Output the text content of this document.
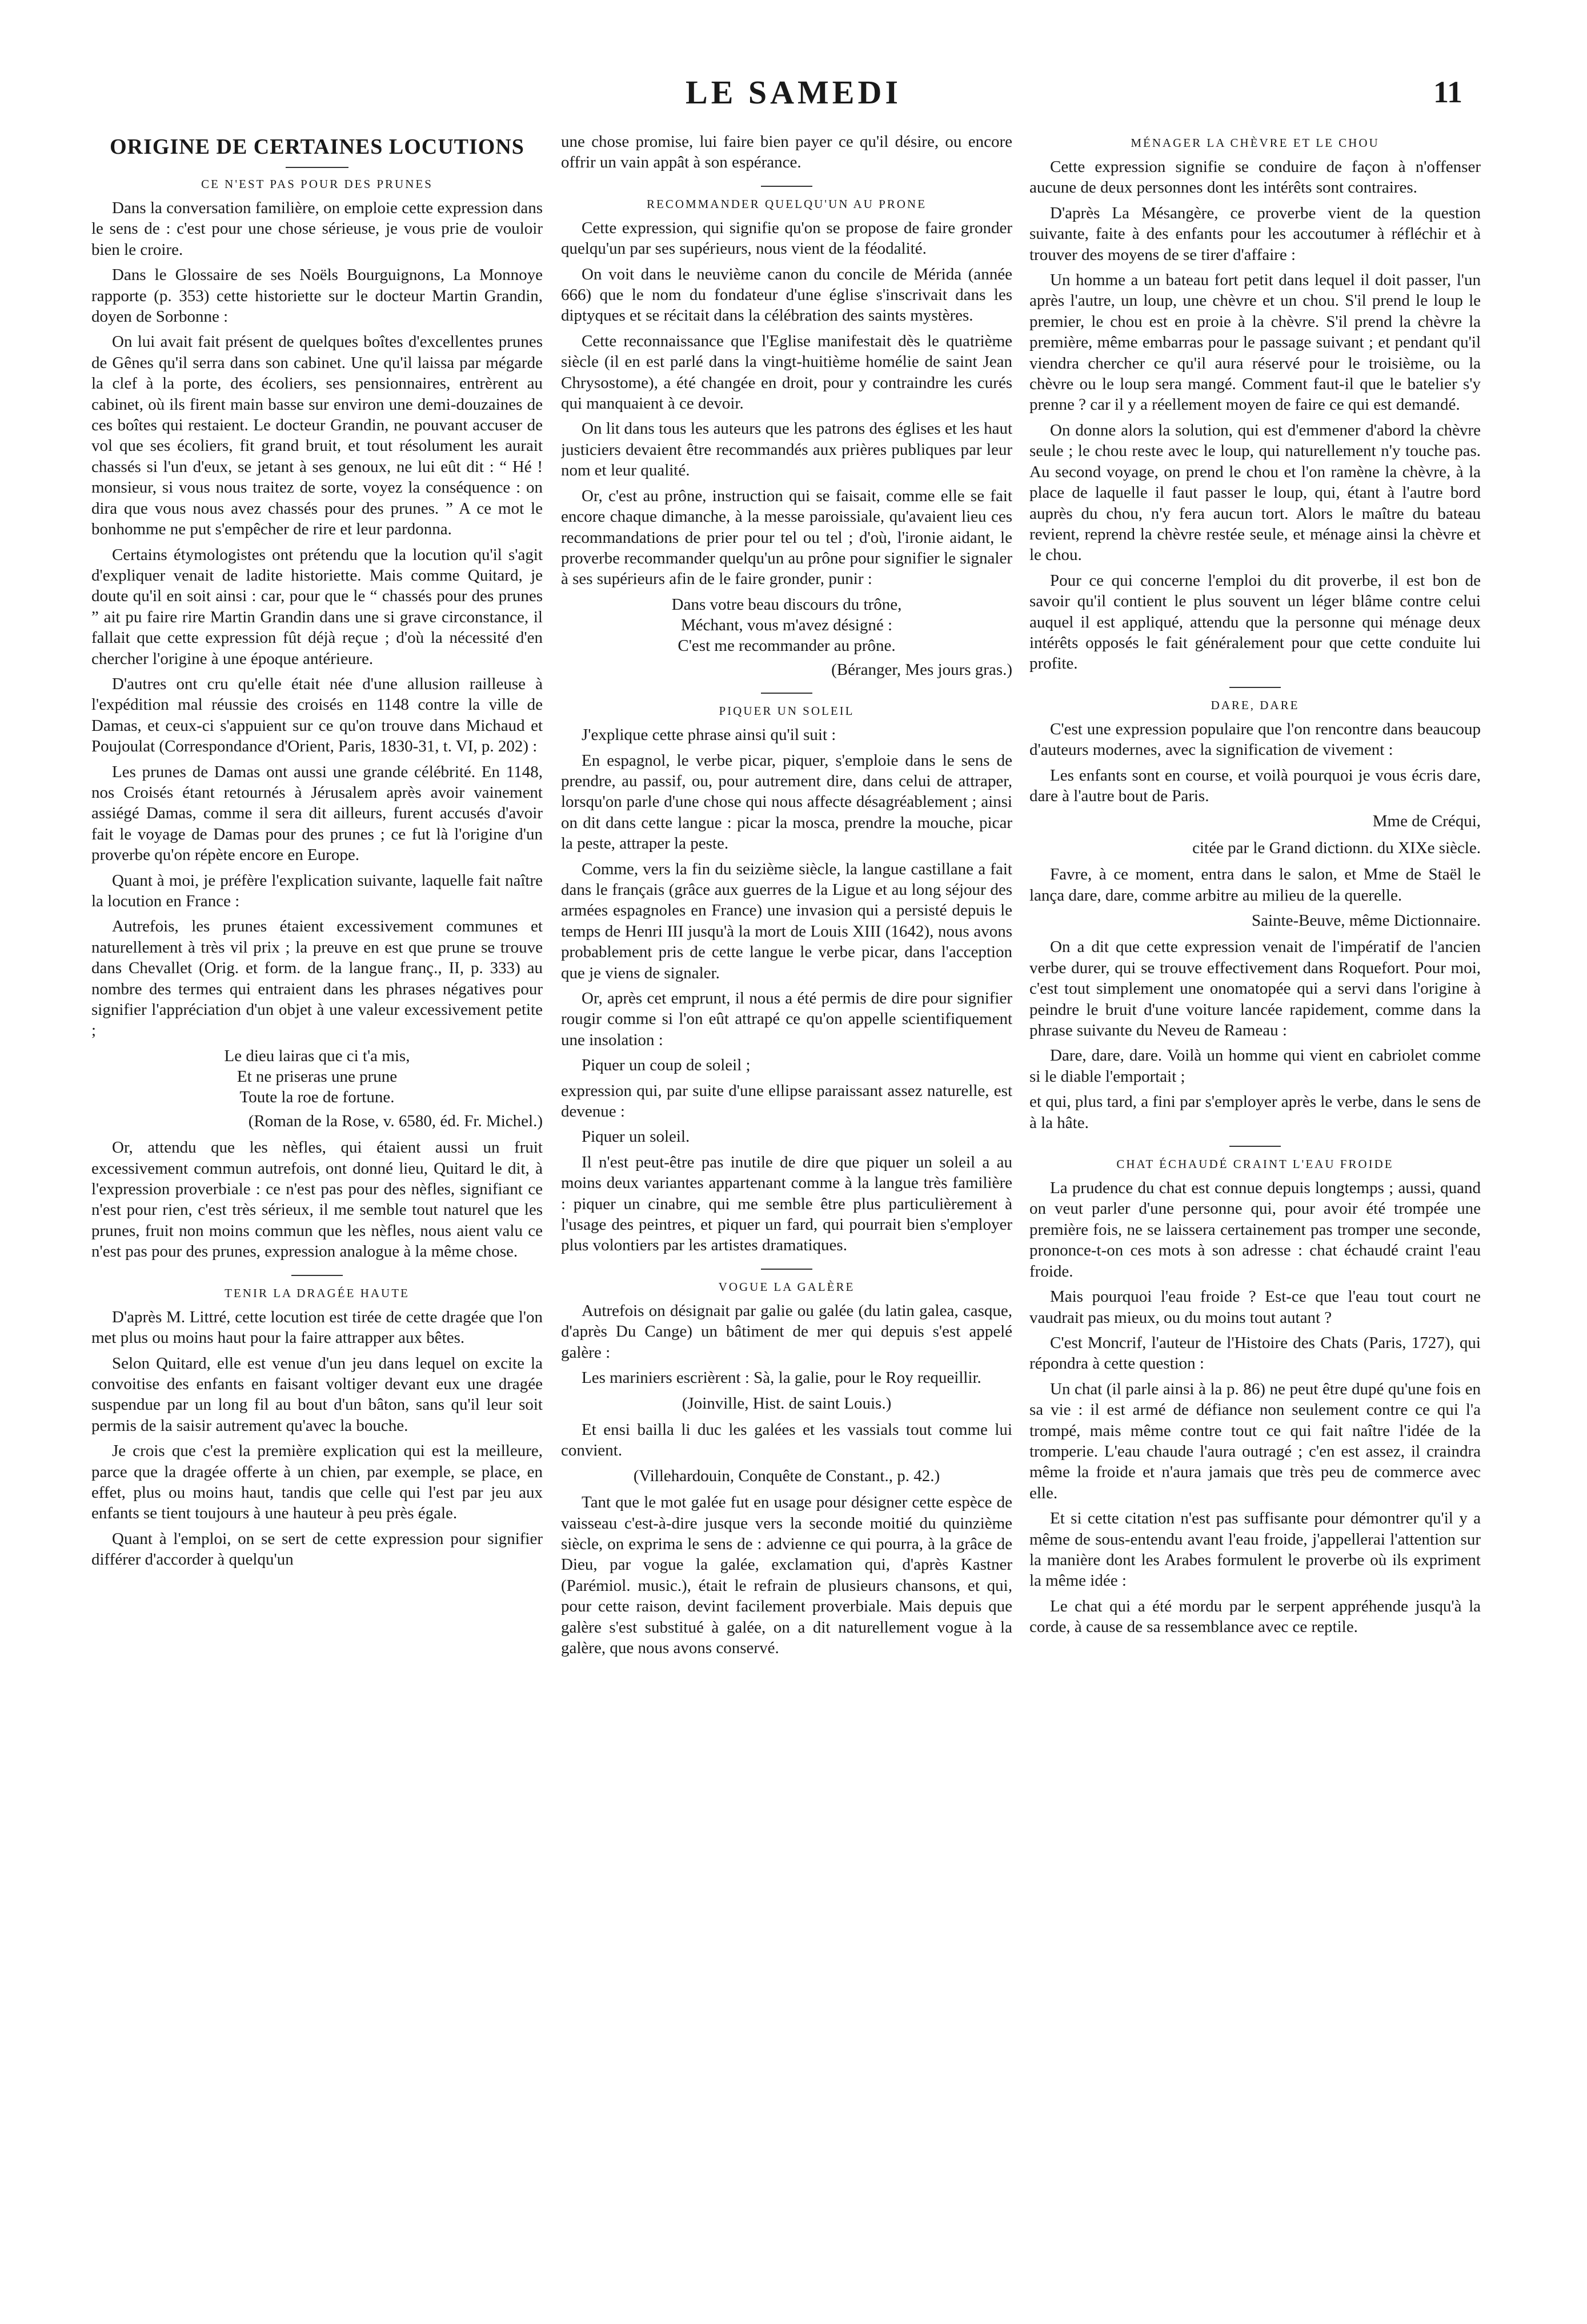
LE SAMEDI	11
ORIGINE DE CERTAINES LOCUTIONS
CE N'EST PAS POUR DES PRUNES

Dans la conversation familière, on emploie cette expression dans le sens de : c'est pour une chose sérieuse, je vous prie de vouloir bien le croire.

Dans le Glossaire de ses Noëls Bourguignons, La Monnoye rapporte (p. 353) cette historiette sur le docteur Martin Grandin, doyen de Sorbonne :

On lui avait fait présent de quelques boîtes d'excellentes prunes de Gênes qu'il serra dans son cabinet. Une qu'il laissa par mégarde la clef à la porte, des écoliers, ses pensionnaires, entrèrent au cabinet, où ils firent main basse sur environ une demi-douzaines de ces boîtes qui restaient. Le docteur Grandin, ne pouvant accuser de vol que ses écoliers, fit grand bruit, et tout résolument les aurait chassés si l'un d'eux, se jetant à ses genoux, ne lui eût dit : “ Hé ! monsieur, si vous nous traitez de sorte, voyez la conséquence : on dira que vous nous avez chassés pour des prunes. ” A ce mot le bonhomme ne put s'empêcher de rire et leur pardonna.

Certains étymologistes ont prétendu que la locution qu'il s'agit d'expliquer venait de ladite historiette. Mais comme Quitard, je doute qu'il en soit ainsi : car, pour que le “ chassés pour des prunes ” ait pu faire rire Martin Grandin dans une si grave circonstance, il fallait que cette expression fût déjà reçue ; d'où la nécessité d'en chercher l'origine à une époque antérieure.

D'autres ont cru qu'elle était née d'une allusion railleuse à l'expédition mal réussie des croisés en 1148 contre la ville de Damas, et ceux-ci s'appuient sur ce qu'on trouve dans Michaud et Poujoulat (Correspondance d'Orient, Paris, 1830-31, t. VI, p. 202) :

Les prunes de Damas ont aussi une grande célébrité. En 1148, nos Croisés étant retournés à Jérusalem après avoir vainement assiégé Damas, comme il sera dit ailleurs, furent accusés d'avoir fait le voyage de Damas pour des prunes ; ce fut là l'origine d'un proverbe qu'on répète encore en Europe.

Quant à moi, je préfère l'explication suivante, laquelle fait naître la locution en France :

Autrefois, les prunes étaient excessivement communes et naturellement à très vil prix ; la preuve en est que prune se trouve dans Chevallet (Orig. et form. de la langue franç., II, p. 333) au nombre des termes qui entraient dans les phrases négatives pour signifier l'appréciation d'un objet à une valeur excessivement petite ;

Le dieu lairas que ci t'a mis,
Et ne priseras une prune
Toute la roe de fortune.
(Roman de la Rose, v. 6580, éd. Fr. Michel.)

Or, attendu que les nèfles, qui étaient aussi un fruit excessivement commun autrefois, ont donné lieu, Quitard le dit, à l'expression proverbiale : ce n'est pas pour des nèfles, signifiant ce n'est pour rien, c'est très sérieux, il me semble tout naturel que les prunes, fruit non moins commun que les nèfles, nous aient valu ce n'est pas pour des prunes, expression analogue à la même chose.

TENIR LA DRAGÉE HAUTE

D'après M. Littré, cette locution est tirée de cette dragée que l'on met plus ou moins haut pour la faire attrapper aux bêtes.

Selon Quitard, elle est venue d'un jeu dans lequel on excite la convoitise des enfants en faisant voltiger devant eux une dragée suspendue par un long fil au bout d'un bâton, sans qu'il leur soit permis de la saisir autrement qu'avec la bouche.

Je crois que c'est la première explication qui est la meilleure, parce que la dragée offerte à un chien, par exemple, se place, en effet, plus ou moins haut, tandis que celle qui l'est par jeu aux enfants se tient toujours à une hauteur à peu près égale.

Quant à l'emploi, on se sert de cette expression pour signifier différer d'accorder à quelqu'un

une chose promise, lui faire bien payer ce qu'il désire, ou encore offrir un vain appât à son espérance.

RECOMMANDER QUELQU'UN AU PRONE

Cette expression, qui signifie qu'on se propose de faire gronder quelqu'un par ses supérieurs, nous vient de la féodalité.

On voit dans le neuvième canon du concile de Mérida (année 666) que le nom du fondateur d'une église s'inscrivait dans les diptyques et se récitait dans la célébration des saints mystères.

Cette reconnaissance que l'Eglise manifestait dès le quatrième siècle (il en est parlé dans la vingt-huitième homélie de saint Jean Chrysostome), a été changée en droit, pour y contraindre les curés qui manquaient à ce devoir.

On lit dans tous les auteurs que les patrons des églises et les haut justiciers devaient être recommandés aux prières publiques par leur nom et leur qualité.

Or, c'est au prône, instruction qui se faisait, comme elle se fait encore chaque dimanche, à la messe paroissiale, qu'avaient lieu ces recommandations de prier pour tel ou tel ; d'où, l'ironie aidant, le proverbe recommander quelqu'un au prône pour signifier le signaler à ses supérieurs afin de le faire gronder, punir :

Dans votre beau discours du trône,
Méchant, vous m'avez désigné :
C'est me recommander au prône.
(Béranger, Mes jours gras.)
PIQUER UN SOLEIL

J'explique cette phrase ainsi qu'il suit :

En espagnol, le verbe picar, piquer, s'emploie dans le sens de prendre, au passif, ou, pour autrement dire, dans celui de attraper, lorsqu'on parle d'une chose qui nous affecte désagréablement ; ainsi on dit dans cette langue : picar la mosca, prendre la mouche, picar la peste, attraper la peste.

Comme, vers la fin du seizième siècle, la langue castillane a fait dans le français (grâce aux guerres de la Ligue et au long séjour des armées espagnoles en France) une invasion qui a persisté depuis le temps de Henri III jusqu'à la mort de Louis XIII (1642), nous avons probablement pris de cette langue le verbe picar, dans l'acception que je viens de signaler.

Or, après cet emprunt, il nous a été permis de dire pour signifier rougir comme si l'on eût attrapé ce qu'on appelle scientifiquement une insolation :

Piquer un coup de soleil ;

expression qui, par suite d'une ellipse paraissant assez naturelle, est devenue :

Piquer un soleil.

Il n'est peut-être pas inutile de dire que piquer un soleil a au moins deux variantes appartenant comme à la langue très familière : piquer un cinabre, qui me semble être plus particulièrement à l'usage des peintres, et piquer un fard, qui pourrait bien s'employer plus volontiers par les artistes dramatiques.

VOGUE LA GALÈRE

Autrefois on désignait par galie ou galée (du latin galea, casque, d'après Du Cange) un bâtiment de mer qui depuis s'est appelé galère :

Les mariniers escrièrent : Sà, la galie, pour le Roy requeillir.

(Joinville, Hist. de saint Louis.)

Et ensi bailla li duc les galées et les vassials tout comme lui convient.

(Villehardouin, Conquête de Constant., p. 42.)

Tant que le mot galée fut en usage pour désigner cette espèce de vaisseau c'est-à-dire jusque vers la seconde moitié du quinzième siècle, on exprima le sens de : advienne ce qui pourra, à la grâce de Dieu, par vogue la galée, exclamation qui, d'après Kastner (Parémiol. music.), était le refrain de plusieurs chansons, et qui, pour cette raison, devint facilement proverbiale. Mais depuis que galère s'est substitué à galée, on a dit naturellement vogue à la galère, que nous avons conservé.

MÉNAGER LA CHÈVRE ET LE CHOU

Cette expression signifie se conduire de façon à n'offenser aucune de deux personnes dont les intérêts sont contraires.

D'après La Mésangère, ce proverbe vient de la question suivante, faite à des enfants pour les accoutumer à réfléchir et à trouver des moyens de se tirer d'affaire :

Un homme a un bateau fort petit dans lequel il doit passer, l'un après l'autre, un loup, une chèvre et un chou. S'il prend le loup le premier, le chou est en proie à la chèvre. S'il prend la chèvre la première, même embarras pour le passage suivant ; et pendant qu'il viendra chercher ce qu'il aura réservé pour le troisième, ou la chèvre ou le loup sera mangé. Comment faut-il que le batelier s'y prenne ? car il y a réellement moyen de faire ce qui est demandé.

On donne alors la solution, qui est d'emmener d'abord la chèvre seule ; le chou reste avec le loup, qui naturellement n'y touche pas. Au second voyage, on prend le chou et l'on ramène la chèvre, à la place de laquelle il faut passer le loup, qui, étant à l'autre bord auprès du chou, n'y fera aucun tort. Alors le maître du bateau revient, reprend la chèvre restée seule, et ménage ainsi la chèvre et le chou.

Pour ce qui concerne l'emploi du dit proverbe, il est bon de savoir qu'il contient le plus souvent un léger blâme contre celui auquel il est appliqué, attendu que la personne qui ménage deux intérêts opposés le fait généralement pour que cette conduite lui profite.

DARE, DARE

C'est une expression populaire que l'on rencontre dans beaucoup d'auteurs modernes, avec la signification de vivement :

Les enfants sont en course, et voilà pourquoi je vous écris dare, dare à l'autre bout de Paris.

Mme de Créqui,
citée par le Grand dictionn. du XIXe siècle.

Favre, à ce moment, entra dans le salon, et Mme de Staël le lança dare, dare, comme arbitre au milieu de la querelle.

Sainte-Beuve, même Dictionnaire.

On a dit que cette expression venait de l'impératif de l'ancien verbe durer, qui se trouve effectivement dans Roquefort. Pour moi, c'est tout simplement une onomatopée qui a servi dans l'origine à peindre le bruit d'une voiture lancée rapidement, comme dans la phrase suivante du Neveu de Rameau :

Dare, dare, dare. Voilà un homme qui vient en cabriolet comme si le diable l'emportait ;

et qui, plus tard, a fini par s'employer après le verbe, dans le sens de à la hâte.

CHAT ÉCHAUDÉ CRAINT L'EAU FROIDE

La prudence du chat est connue depuis longtemps ; aussi, quand on veut parler d'une personne qui, pour avoir été trompée une première fois, ne se laissera certainement pas tromper une seconde, prononce-t-on ces mots à son adresse : chat échaudé craint l'eau froide.

Mais pourquoi l'eau froide ? Est-ce que l'eau tout court ne vaudrait pas mieux, ou du moins tout autant ?

C'est Moncrif, l'auteur de l'Histoire des Chats (Paris, 1727), qui répondra à cette question :

Un chat (il parle ainsi à la p. 86) ne peut être dupé qu'une fois en sa vie : il est armé de défiance non seulement contre ce qui l'a trompé, mais même contre tout ce qui fait naître l'idée de la tromperie. L'eau chaude l'aura outragé ; c'en est assez, il craindra même la froide et n'aura jamais que très peu de commerce avec elle.

Et si cette citation n'est pas suffisante pour démontrer qu'il y a même de sous-entendu avant l'eau froide, j'appellerai l'attention sur la manière dont les Arabes formulent le proverbe où ils expriment la même idée :

Le chat qui a été mordu par le serpent appréhende jusqu'à la corde, à cause de sa ressemblance avec ce reptile.
